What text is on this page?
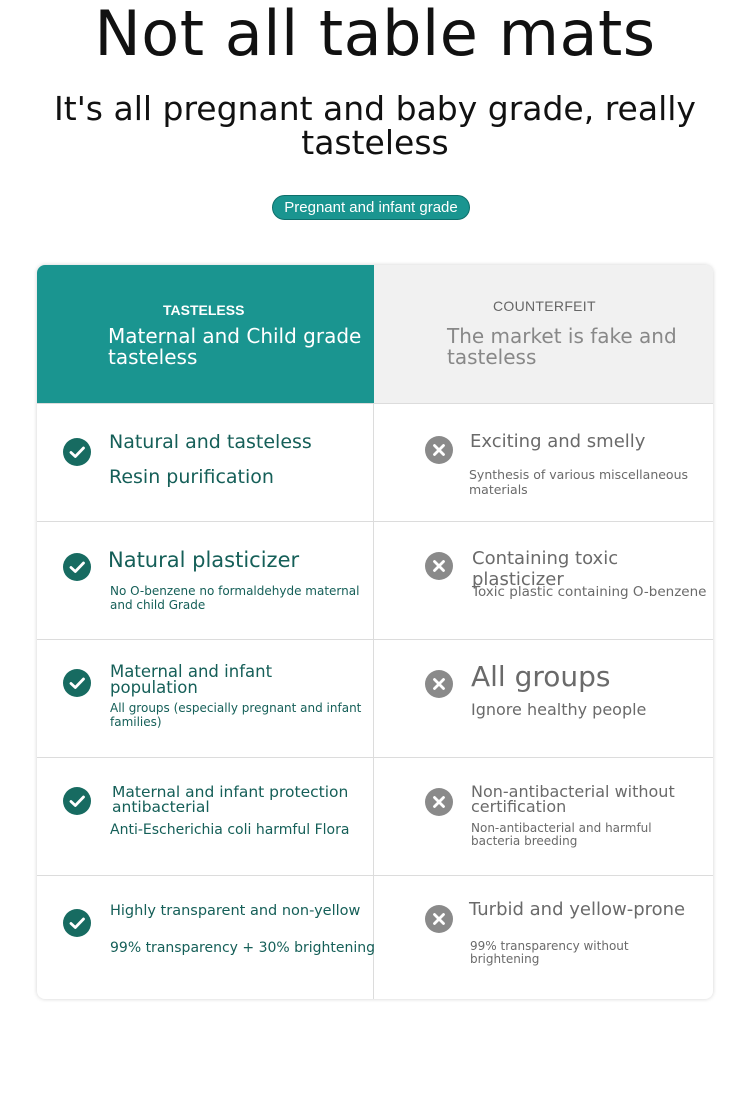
Not all table mats
It's all pregnant and baby grade, really tasteless
Pregnant and infant grade
TASTELESS
Maternal and Child grade tasteless
COUNTERFEIT
The market is fake and tasteless
Natural and tasteless
Resin purification
Exciting and smelly
Synthesis of various miscellaneous materials
Natural plasticizer
No O-benzene no formaldehyde maternal and child Grade
Containing toxic plasticizer
Toxic plastic containing O-benzene
Maternal and infant population
All groups (especially pregnant and infant families)
All groups
Ignore healthy people
Maternal and infant protection antibacterial
Anti-Escherichia coli harmful Flora
Non-antibacterial without certification
Non-antibacterial and harmful bacteria breeding
Highly transparent and non-yellow
99% transparency + 30% brightening
Turbid and yellow-prone
99% transparency without brightening
